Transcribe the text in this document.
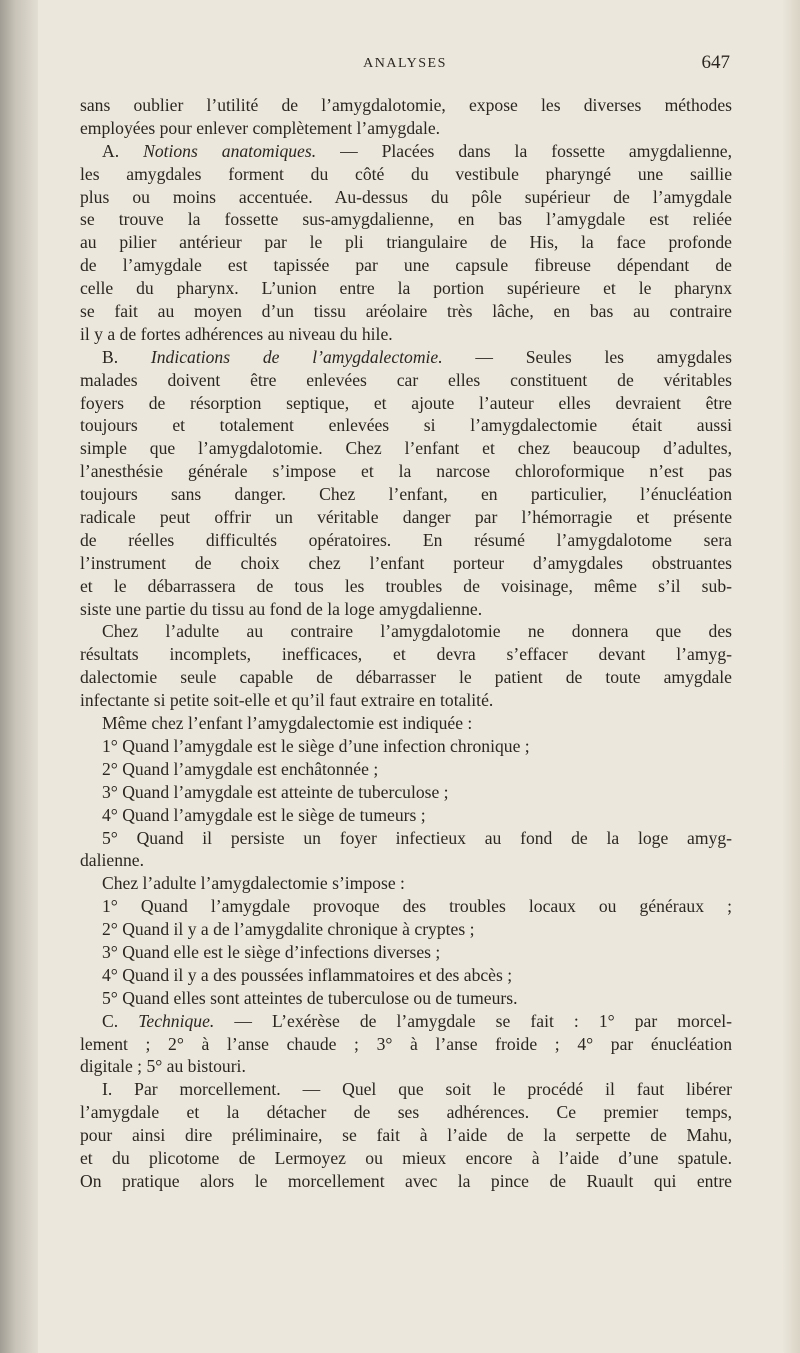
ANALYSES	647
sans oublier l’utilité de l’amygdalotomie, expose les diverses méthodes
employées pour enlever complètement l’amygdale.
A. Notions anatomiques. — Placées dans la fossette amygdalienne,
les amygdales forment du côté du vestibule pharyngé une saillie
plus ou moins accentuée. Au-dessus du pôle supérieur de l’amygdale
se trouve la fossette sus-amygdalienne, en bas l’amygdale est reliée
au pilier antérieur par le pli triangulaire de His, la face profonde
de l’amygdale est tapissée par une capsule fibreuse dépendant de
celle du pharynx. L’union entre la portion supérieure et le pharynx
se fait au moyen d’un tissu aréolaire très lâche, en bas au contraire
il y a de fortes adhérences au niveau du hile.
B. Indications de l’amygdalectomie. — Seules les amygdales
malades doivent être enlevées car elles constituent de véritables
foyers de résorption septique, et ajoute l’auteur elles devraient être
toujours et totalement enlevées si l’amygdalectomie était aussi
simple que l’amygdalotomie. Chez l’enfant et chez beaucoup d’adultes,
l’anesthésie générale s’impose et la narcose chloroformique n’est pas
toujours sans danger. Chez l’enfant, en particulier, l’énucléation
radicale peut offrir un véritable danger par l’hémorragie et présente
de réelles difficultés opératoires. En résumé l’amygdalotome sera
l’instrument de choix chez l’enfant porteur d’amygdales obstruantes
et le débarrassera de tous les troubles de voisinage, même s’il sub-
siste une partie du tissu au fond de la loge amygdalienne.
Chez l’adulte au contraire l’amygdalotomie ne donnera que des
résultats incomplets, inefficaces, et devra s’effacer devant l’amyg-
dalectomie seule capable de débarrasser le patient de toute amygdale
infectante si petite soit-elle et qu’il faut extraire en totalité.
Même chez l’enfant l’amygdalectomie est indiquée :
1° Quand l’amygdale est le siège d’une infection chronique ;
2° Quand l’amygdale est enchâtonnée ;
3° Quand l’amygdale est atteinte de tuberculose ;
4° Quand l’amygdale est le siège de tumeurs ;
5° Quand il persiste un foyer infectieux au fond de la loge amyg-
dalienne.
Chez l’adulte l’amygdalectomie s’impose :
1° Quand l’amygdale provoque des troubles locaux ou généraux ;
2° Quand il y a de l’amygdalite chronique à cryptes ;
3° Quand elle est le siège d’infections diverses ;
4° Quand il y a des poussées inflammatoires et des abcès ;
5° Quand elles sont atteintes de tuberculose ou de tumeurs.
C. Technique. — L’exérèse de l’amygdale se fait : 1° par morcel-
lement ; 2° à l’anse chaude ; 3° à l’anse froide ; 4° par énucléation
digitale ; 5° au bistouri.
I. Par morcellement. — Quel que soit le procédé il faut libérer
l’amygdale et la détacher de ses adhérences. Ce premier temps,
pour ainsi dire préliminaire, se fait à l’aide de la serpette de Mahu,
et du plicotome de Lermoyez ou mieux encore à l’aide d’une spatule.
On pratique alors le morcellement avec la pince de Ruault qui entre
